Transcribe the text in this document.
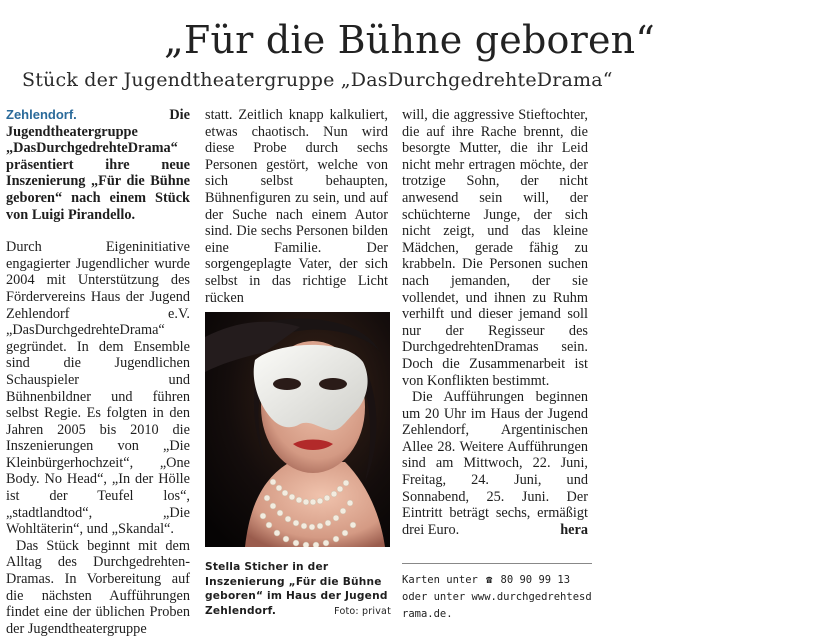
„Für die Bühne geboren“
Stück der Jugendtheatergruppe „DasDurchgedrehteDrama“

Zehlendorf.	Die Jugendtheatergruppe „DasDurchgedrehteDrama“ präsentiert ihre neue Inszenierung „Für die Bühne geboren“ nach einem Stück von Luigi Pirandello.

Durch Eigeninitiative engagierter Jugendlicher wurde 2004 mit Unterstützung des Fördervereins Haus der Jugend Zehlendorf e.V. „DasDurchgedrehteDrama“ gegründet. In dem Ensemble sind die Jugendlichen Schauspieler und Bühnenbildner und führen selbst Regie. Es folgten in den Jahren 2005 bis 2010 die Inszenierungen von „Die Kleinbürgerhochzeit“, „One Body. No Head“, „In der Hölle ist der Teufel los“, „stadtlandtod“, „Die Wohltäterin“, und „Skandal“.

Das Stück beginnt mit dem Alltag des Durchgedrehten-Dramas. In Vorbereitung auf die nächsten Aufführungen findet eine der üblichen Proben der Jugendtheatergruppe

statt. Zeitlich knapp kalkuliert, etwas chaotisch. Nun wird diese Probe durch sechs Personen gestört, welche von sich selbst behaupten, Bühnenfiguren zu sein, und auf der Suche nach einem Autor sind. Die sechs Personen bilden eine Familie. Der sorgengeplagte Vater, der sich selbst in das richtige Licht rücken

Stella Sticher in der Inszenierung „Für die Bühne geboren“ im Haus der Jugend Zehlendorf.	Foto: privat

will, die aggressive Stieftochter, die auf ihre Rache brennt, die besorgte Mutter, die ihr Leid nicht mehr ertragen möchte, der trotzige Sohn, der nicht anwesend sein will, der schüchterne Junge, der sich nicht zeigt, und das kleine Mädchen, gerade fähig zu krabbeln. Die Personen suchen nach jemanden, der sie vollendet, und ihnen zu Ruhm verhilft und dieser jemand soll nur der Regisseur des DurchgedrehtenDramas sein. Doch die Zusammenarbeit ist von Konflikten bestimmt.

Die Aufführungen beginnen um 20 Uhr im Haus der Jugend Zehlendorf, Argentinischen Allee 28. Weitere Aufführungen sind am Mittwoch, 22. Juni, Freitag, 24. Juni, und Sonnabend, 25. Juni. Der Eintritt beträgt sechs, ermäßigt drei Euro.	hera

Karten unter ☎ 80 90 99 13
oder unter www.durchgedrehtesdrama.de.
